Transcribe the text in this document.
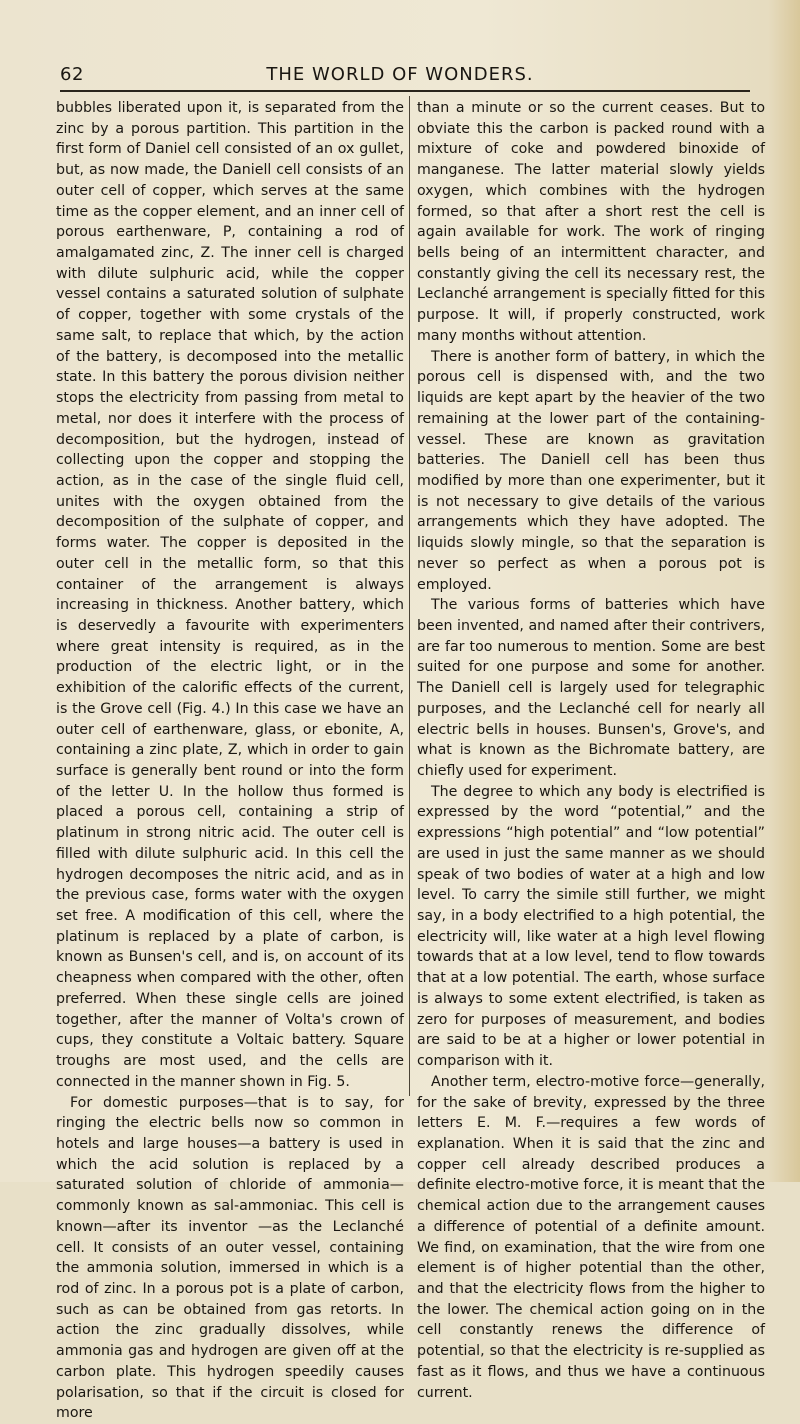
62	THE WORLD OF WONDERS.

bubbles liberated upon it, is separated from the zinc by a porous partition. This partition in the first form of Daniel cell consisted of an ox gullet, but, as now made, the Daniell cell consists of an outer cell of copper, which serves at the same time as the copper element, and an inner cell of porous earthenware, P, containing a rod of amalgamated zinc, Z. The inner cell is charged with dilute sulphuric acid, while the copper vessel contains a saturated solution of sulphate of copper, together with some crystals of the same salt, to replace that which, by the action of the battery, is decomposed into the metallic state. In this battery the porous division neither stops the electricity from passing from metal to metal, nor does it interfere with the process of decomposition, but the hydrogen, instead of collecting upon the copper and stopping the action, as in the case of the single fluid cell, unites with the oxygen obtained from the decomposition of the sulphate of copper, and forms water. The copper is deposited in the outer cell in the metallic form, so that this container of the arrangement is always increasing in thickness. Another battery, which is deservedly a favourite with experimenters where great intensity is required, as in the production of the electric light, or in the exhibition of the calorific effects of the current, is the Grove cell (Fig. 4.) In this case we have an outer cell of earthenware, glass, or ebonite, A, containing a zinc plate, Z, which in order to gain surface is generally bent round or into the form of the letter U. In the hollow thus formed is placed a porous cell, containing a strip of platinum in strong nitric acid. The outer cell is filled with dilute sulphuric acid. In this cell the hydrogen decomposes the nitric acid, and as in the previous case, forms water with the oxygen set free. A modification of this cell, where the platinum is replaced by a plate of carbon, is known as Bunsen's cell, and is, on account of its cheapness when compared with the other, often preferred. When these single cells are joined together, after the manner of Volta's crown of cups, they constitute a Voltaic battery. Square troughs are most used, and the cells are connected in the manner shown in Fig. 5.

For domestic purposes—that is to say, for ringing the electric bells now so common in hotels and large houses—a battery is used in which the acid solution is replaced by a saturated solution of chloride of ammonia—commonly known as sal-ammoniac. This cell is known—after its inventor —as the Leclanché cell. It consists of an outer vessel, containing the ammonia solution, immersed in which is a rod of zinc. In a porous pot is a plate of carbon, such as can be obtained from gas retorts. In action the zinc gradually dissolves, while ammonia gas and hydrogen are given off at the carbon plate. This hydrogen speedily causes polarisation, so that if the circuit is closed for more

than a minute or so the current ceases. But to obviate this the carbon is packed round with a mixture of coke and powdered binoxide of manganese. The latter material slowly yields oxygen, which combines with the hydrogen formed, so that after a short rest the cell is again available for work. The work of ringing bells being of an intermittent character, and constantly giving the cell its necessary rest, the Leclanché arrangement is specially fitted for this purpose. It will, if properly constructed, work many months without attention.

There is another form of battery, in which the porous cell is dispensed with, and the two liquids are kept apart by the heavier of the two remaining at the lower part of the containing-vessel. These are known as gravitation batteries. The Daniell cell has been thus modified by more than one experimenter, but it is not necessary to give details of the various arrangements which they have adopted. The liquids slowly mingle, so that the separation is never so perfect as when a porous pot is employed.

The various forms of batteries which have been invented, and named after their contrivers, are far too numerous to mention. Some are best suited for one purpose and some for another. The Daniell cell is largely used for telegraphic purposes, and the Leclanché cell for nearly all electric bells in houses. Bunsen's, Grove's, and what is known as the Bichromate battery, are chiefly used for experiment.

The degree to which any body is electrified is expressed by the word “potential,” and the expressions “high potential” and “low potential” are used in just the same manner as we should speak of two bodies of water at a high and low level. To carry the simile still further, we might say, in a body electrified to a high potential, the electricity will, like water at a high level flowing towards that at a low level, tend to flow towards that at a low potential. The earth, whose surface is always to some extent electrified, is taken as zero for purposes of measurement, and bodies are said to be at a higher or lower potential in comparison with it.

Another term, electro-motive force—generally, for the sake of brevity, expressed by the three letters E. M. F.—requires a few words of explanation. When it is said that the zinc and copper cell already described produces a definite electro-motive force, it is meant that the chemical action due to the arrangement causes a difference of potential of a definite amount. We find, on examination, that the wire from one element is of higher potential than the other, and that the electricity flows from the higher to the lower. The chemical action going on in the cell constantly renews the difference of potential, so that the electricity is re-supplied as fast as it flows, and thus we have a continuous current.
